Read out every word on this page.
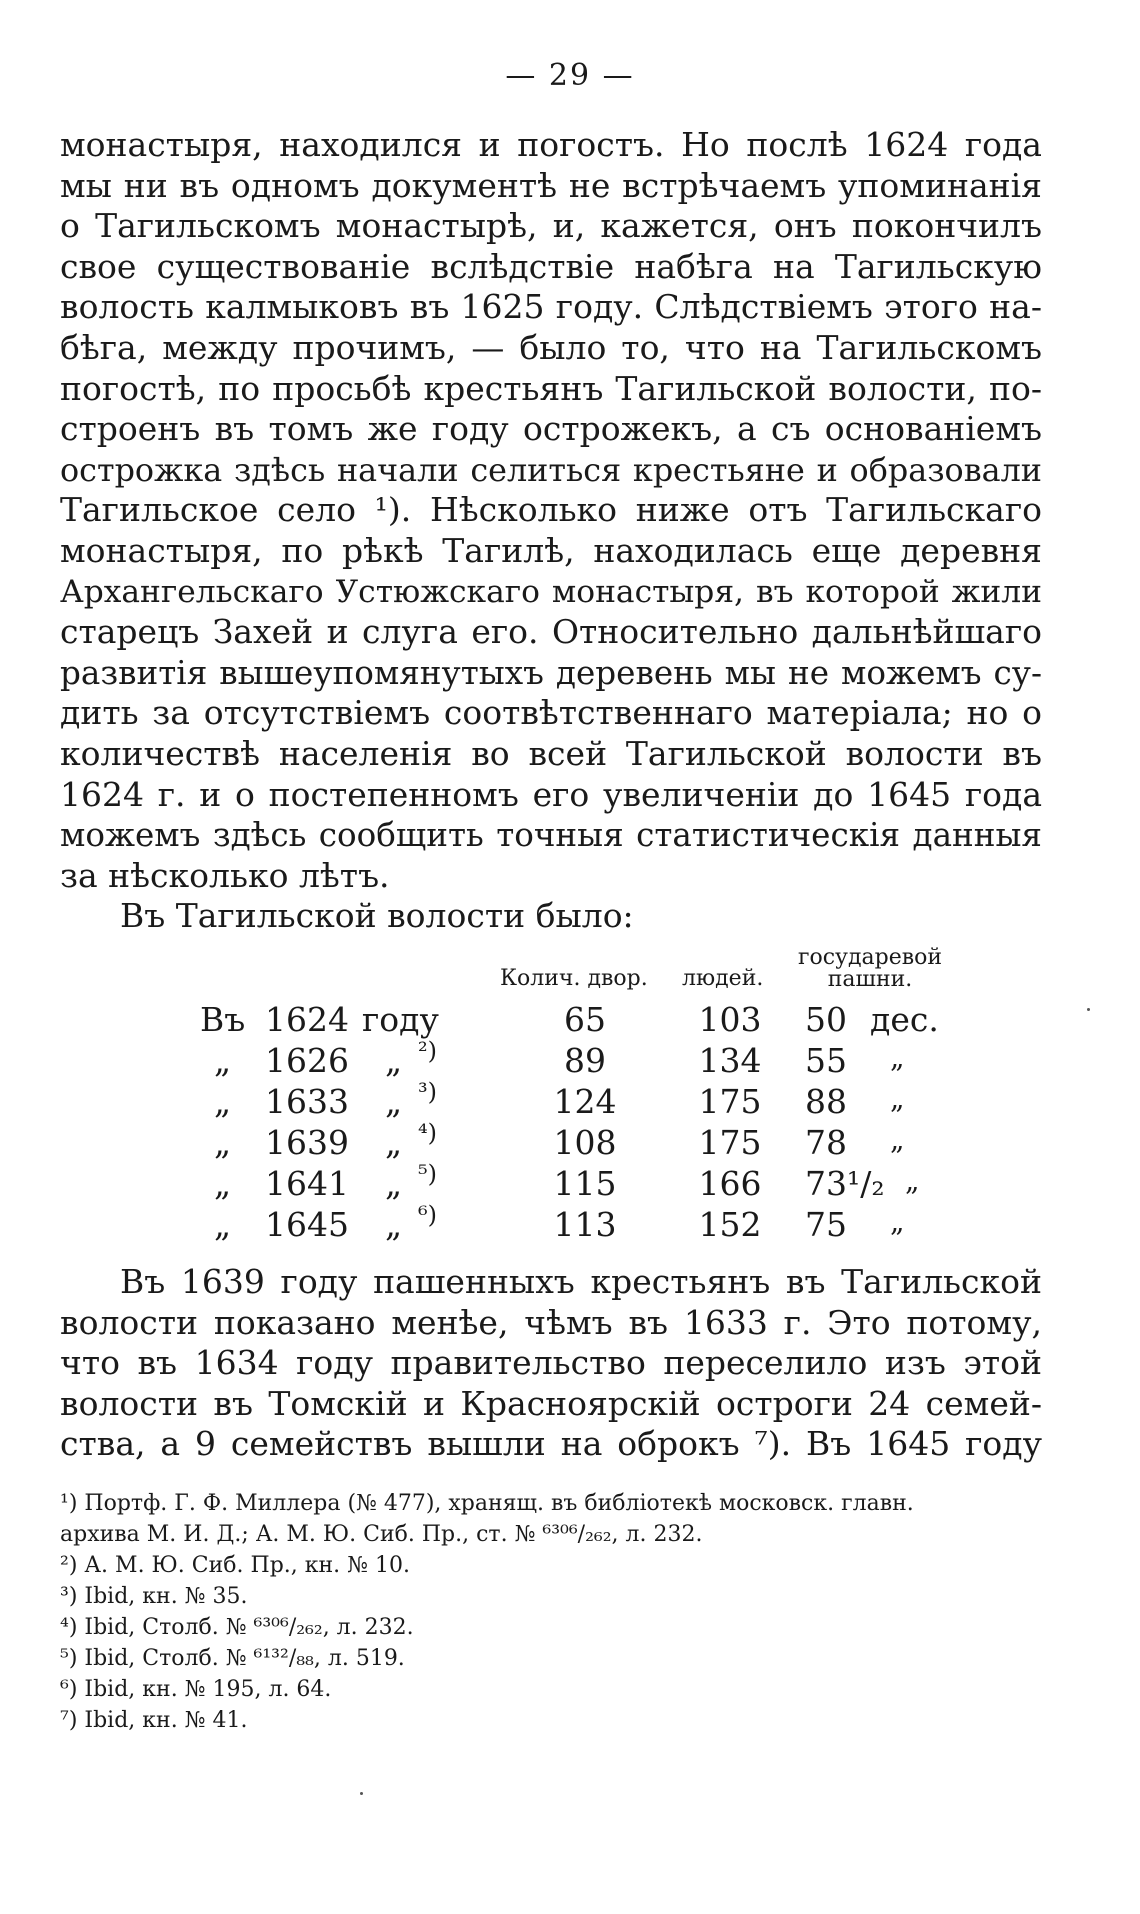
— 29 —
монастыря, находился и погостъ. Но послѣ 1624 года
мы ни въ одномъ документѣ не встрѣчаемъ упоминанія
о Тагильскомъ монастырѣ, и, кажется, онъ покончилъ
свое существованіе вслѣдствіе набѣга на Тагильскую
волость калмыковъ въ 1625 году. Слѣдствіемъ этого на-
бѣга, между прочимъ, — было то, что на Тагильскомъ
погостѣ, по просьбѣ крестьянъ Тагильской волости, по-
строенъ въ томъ же году острожекъ, а съ основаніемъ
острожка здѣсь начали селиться крестьяне и образовали
Тагильское село ¹). Нѣсколько ниже отъ Тагильскаго
монастыря, по рѣкѣ Тагилѣ, находилась еще деревня
Архангельскаго Устюжскаго монастыря, въ которой жили
старецъ Захей и слуга его. Относительно дальнѣйшаго
развитія вышеупомянутыхъ деревень мы не можемъ су-
дить за отсутствіемъ соотвѣтственнаго матеріала; но о
количествѣ населенія во всей Тагильской волости въ
1624 г. и о постепенномъ его увеличеніи до 1645 года
можемъ здѣсь сообщить точныя статистическія данныя
за нѣсколько лѣтъ.
Въ Тагильской волости было:
Колич. двор. людей.
государевой
пашни.
Въ 1624 году	65	103 50 дес.
„	1626 „ ²)	89	134 55 „
„	1633 „ ³)	124 175 88 „
„	1639 „ ⁴)	108 175 78 „
„	1641 „ ⁵)	115 166 73¹/₂ „
„	1645 „ ⁶)	113 152 75 „
Въ 1639 году пашенныхъ крестьянъ въ Тагильской
волости показано менѣе, чѣмъ въ 1633 г. Это потому,
что въ 1634 году правительство переселило изъ этой
волости въ Томскій и Красноярскій остроги 24 семей-
ства, а 9 семействъ вышли на оброкъ ⁷). Въ 1645 году
¹) Портф. Г. Ф. Миллера (№ 477), хранящ. въ библіотекѣ московск. главн.
архива М. И. Д.; А. М. Ю. Сиб. Пр., ст. № ⁶³⁰⁶/₂₆₂, л. 232.
²) А. М. Ю. Сиб. Пр., кн. № 10.
³) Ibid, кн. № 35.
⁴) Ibid, Столб. № ⁶³⁰⁶/₂₆₂, л. 232.
⁵) Ibid, Столб. № ⁶¹³²/₈₈, л. 519.
⁶) Ibid, кн. № 195, л. 64.
⁷) Ibid, кн. № 41.
